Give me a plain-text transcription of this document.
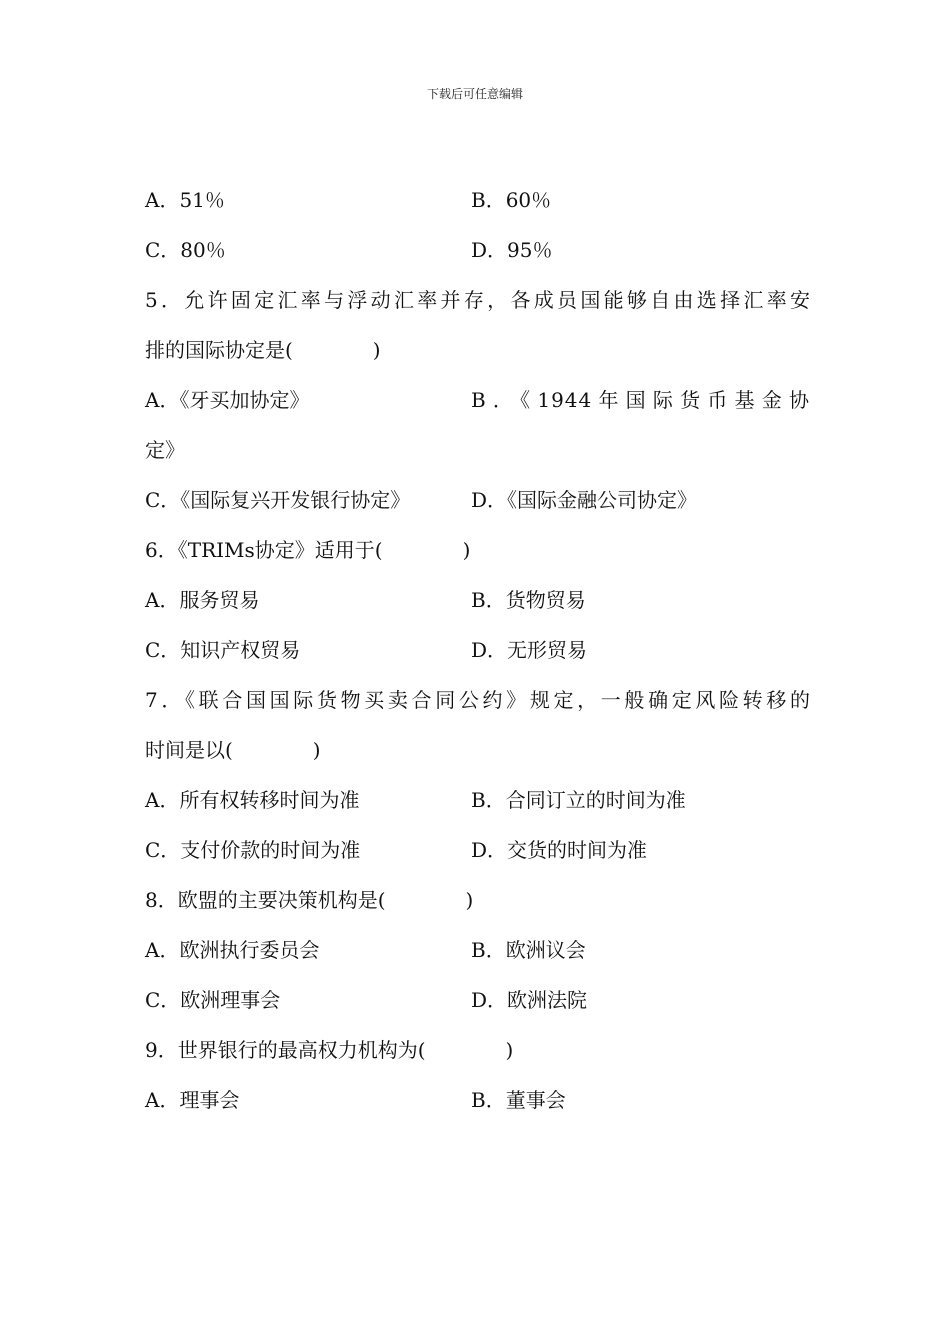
下载后可任意编辑
A．51％	B．60％
C．80％	D．95％
5．允许固定汇率与浮动汇率并存，各成员国能够自由选择汇率安
排的国际协定是(　　　　)
A．《牙买加协定》	B．《1944年国际货币基金协
定》
C．《国际复兴开发银行协定》	D．《国际金融公司协定》
6．《TRIMs协定》适用于(　　　　)
A．服务贸易	B．货物贸易
C．知识产权贸易	D．无形贸易
7．《联合国国际货物买卖合同公约》规定，一般确定风险转移的
时间是以(　　　　)
A．所有权转移时间为准	B．合同订立的时间为准
C．支付价款的时间为准	D．交货的时间为准
8．欧盟的主要决策机构是(　　　　)
A．欧洲执行委员会	B．欧洲议会
C．欧洲理事会	D．欧洲法院
9．世界银行的最高权力机构为(　　　　)
A．理事会	B．董事会
